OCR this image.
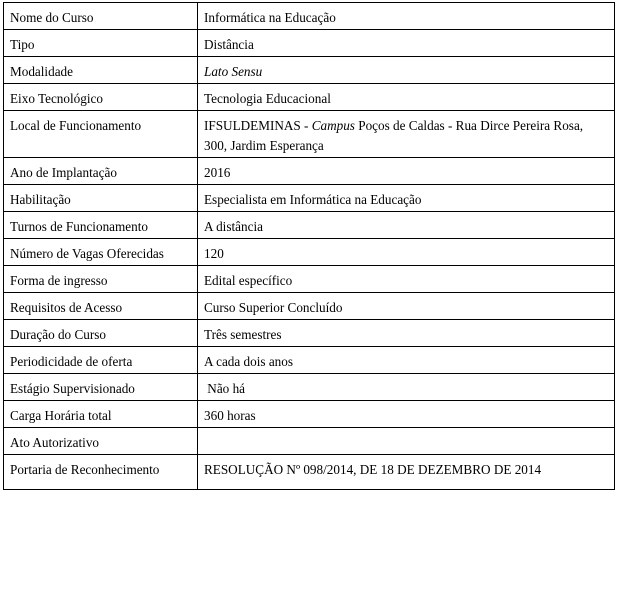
Nome do Curso	Informática na Educação
Tipo	Distância
Modalidade	Lato Sensu
Eixo Tecnológico	Tecnologia Educacional
Local de Funcionamento	IFSULDEMINAS - Campus Poços de Caldas - Rua Dirce Pereira Rosa, 300, Jardim Esperança
Ano de Implantação	2016
Habilitação	Especialista em Informática na Educação
Turnos de Funcionamento	A distância
Número de Vagas Oferecidas	120
Forma de ingresso	Edital específico
Requisitos de Acesso	Curso Superior Concluído
Duração do Curso	Três semestres
Periodicidade de oferta	A cada dois anos
Estágio Supervisionado	Não há
Carga Horária total	360 horas
Ato Autorizativo	
Portaria de Reconhecimento	RESOLUÇÃO Nº 098/2014, DE 18 DE DEZEMBRO DE 2014
